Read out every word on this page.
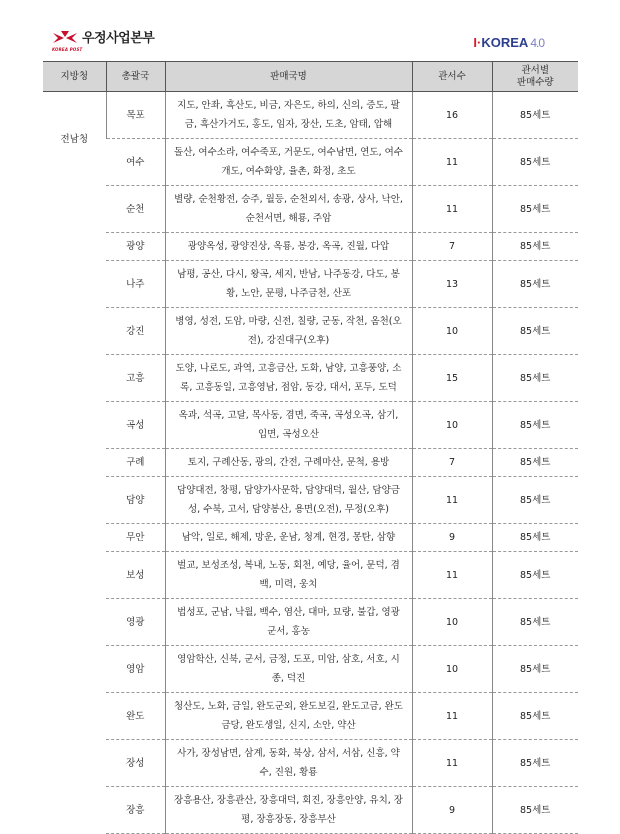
KOREA POST
우정사업본부	I· KOREA 4.0
지방청	총괄국	판매국명	관서수	관서별
판매수량
전남청	목포	지도, 안좌, 흑산도, 비금, 자은도, 하의, 신의, 증도, 팔금, 흑산가거도, 홍도, 임자, 장산, 도초, 암태, 압해	16	85세트
	여수	돌산, 여수소라, 여수죽포, 거문도, 여수남면, 연도, 여수개도, 여수화양, 율촌, 화정, 초도	11	85세트
	순천	별량, 순천황전, 승주, 월등, 순천외서, 송광, 상사, 낙안, 순천서면, 해룡, 주암	11	85세트
	광양	광양옥성, 광양진상, 옥룡, 봉강, 옥곡, 진월, 다압	7	85세트
	나주	남평, 공산, 다시, 왕곡, 세지, 반남, 나주동강, 다도, 봉황, 노안, 문평, 나주금천, 산포	13	85세트
	강진	병영, 성전, 도암, 마량, 신전, 칠량, 군동, 작천, 옴천(오전), 강진대구(오후)	10	85세트
	고흥	도양, 나로도, 과역, 고흥금산, 도화, 남양, 고흥풍양, 소록, 고흥동일, 고흥영남, 점암, 동강, 대서, 포두, 도덕	15	85세트
	곡성	옥과, 석곡, 고달, 목사동, 겸면, 죽곡, 곡성오곡, 삼기, 입면, 곡성오산	10	85세트
	구례	토지, 구례산동, 광의, 간전, 구례마산, 문척, 용방	7	85세트
	담양	담양대전, 창평, 담양가사문학, 담양대덕, 월산, 담양금성, 수북, 고서, 담양봉산, 용면(오전), 무정(오후)	11	85세트
	무안	남악, 일로, 해제, 망운, 운남, 청계, 현경, 몽탄, 삼향	9	85세트
	보성	벌교, 보성조성, 복내, 노동, 회천, 예당, 율어, 문덕, 겸백, 미력, 웅치	11	85세트
	영광	법성포, 군남, 낙월, 백수, 염산, 대마, 묘량, 불갑, 영광군서, 홍농	10	85세트
	영암	영암학산, 신북, 군서, 금정, 도포, 미암, 삼호, 서호, 시종, 덕진	10	85세트
	완도	청산도, 노화, 금일, 완도군외, 완도보길, 완도고금, 완도금당, 완도생일, 신지, 소안, 약산	11	85세트
	장성	사가, 장성남면, 삼계, 동화, 북상, 삼서, 서삼, 신흥, 약수, 진원, 황룡	11	85세트
	장흥	장흥용산, 장흥관산, 장흥대덕, 회진, 장흥안양, 유치, 장평, 장흥장동, 장흥부산	9	85세트
